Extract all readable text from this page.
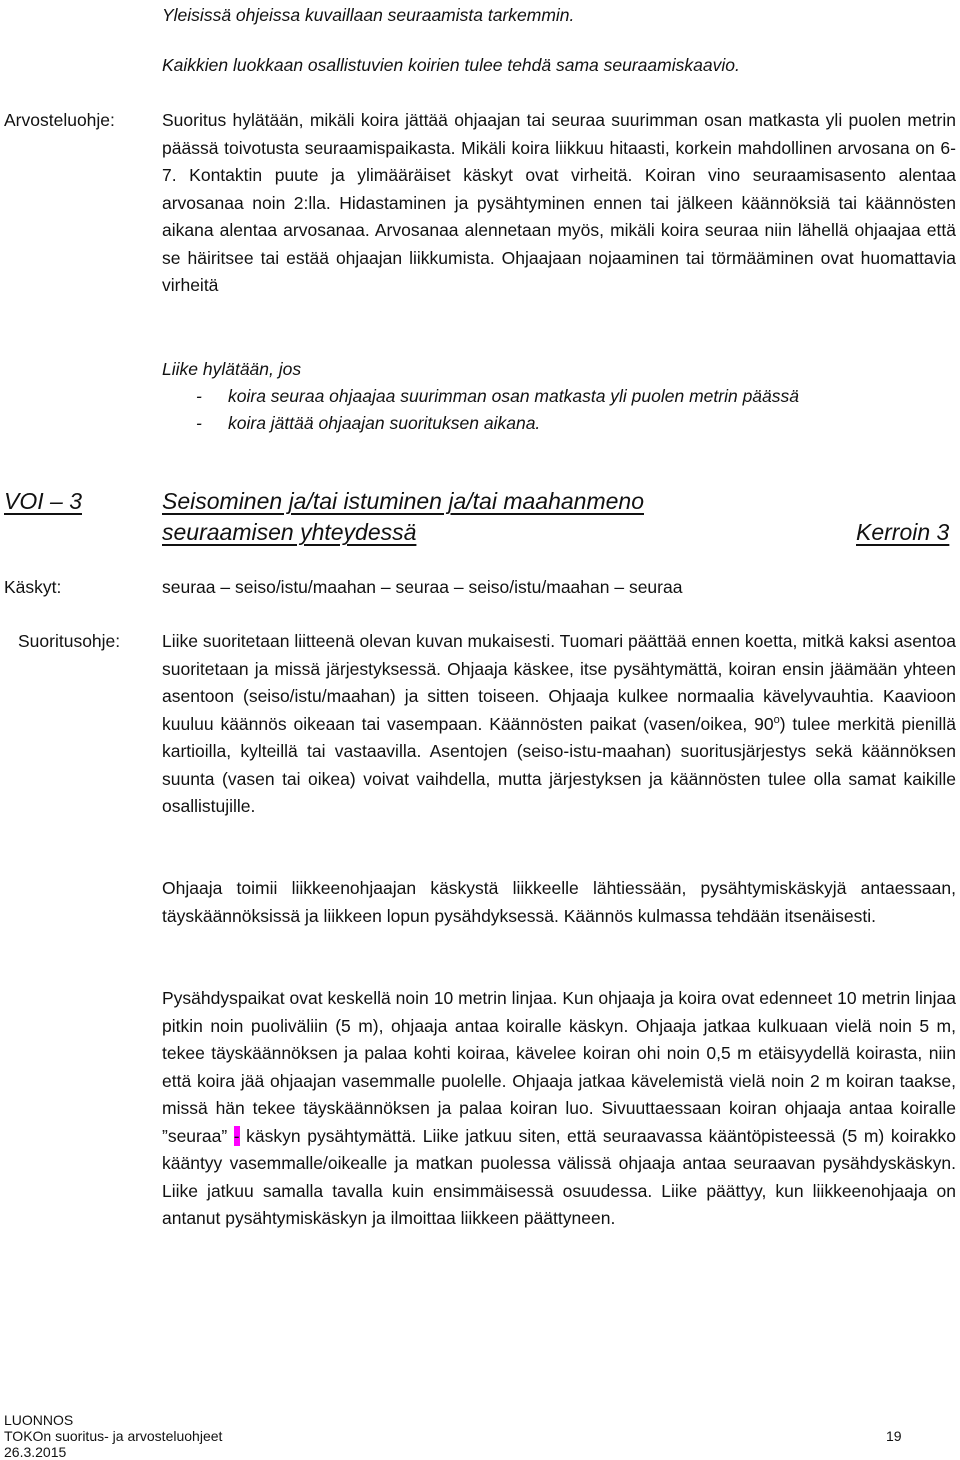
Yleisissä ohjeissa kuvaillaan seuraamista tarkemmin.
Kaikkien luokkaan osallistuvien koirien tulee tehdä sama seuraamiskaavio.
Arvosteluohje:	Suoritus hylätään, mikäli koira jättää ohjaajan tai seuraa suurimman osan matkasta yli puolen metrin päässä toivotusta seuraamispaikasta. Mikäli koira liikkuu hitaasti, korkein mahdollinen arvosana on 6-7. Kontaktin puute ja ylimääräiset käskyt ovat virheitä. Koiran vino seuraamisasento alentaa arvosanaa noin 2:lla. Hidastaminen ja pysähtyminen ennen tai jälkeen käännöksiä tai käännösten aikana alentaa arvosanaa. Arvosanaa alennetaan myös, mikäli koira seuraa niin lähellä ohjaajaa että se häiritsee tai estää ohjaajan liikkumista. Ohjaajaan nojaaminen tai törmääminen ovat huomattavia virheitä
Liike hylätään, jos
-	koira seuraa ohjaajaa suurimman osan matkasta yli puolen metrin päässä
-	koira jättää ohjaajan suorituksen aikana.
VOI – 3	Seisominen ja/tai istuminen ja/tai maahanmeno
seuraamisen yhteydessä	Kerroin 3
Käskyt:	seuraa – seiso/istu/maahan – seuraa – seiso/istu/maahan – seuraa
Suoritusohje: Liike suoritetaan liitteenä olevan kuvan mukaisesti. Tuomari päättää ennen koetta, mitkä kaksi asentoa suoritetaan ja missä järjestyksessä. Ohjaaja käskee, itse pysähtymättä, koiran ensin jäämään yhteen asentoon (seiso/istu/maahan) ja sitten toiseen. Ohjaaja kulkee normaalia kävelyvauhtia. Kaavioon kuuluu käännös oikeaan tai vasempaan. Käännösten paikat (vasen/oikea, 90$^o$) tulee merkitä pienillä kartioilla, kylteillä tai vastaavilla. Asentojen (seiso-istu-maahan) suoritusjärjestys sekä käännöksen suunta (vasen tai oikea) voivat vaihdella, mutta järjestyksen ja käännösten tulee olla samat kaikille osallistujille.
Ohjaaja toimii liikkeenohjaajan käskystä liikkeelle lähtiessään, pysähtymiskäskyjä antaessaan, täyskäännöksissä ja liikkeen lopun pysähdyksessä. Käännös kulmassa tehdään itsenäisesti.
Pysähdyspaikat ovat keskellä noin 10 metrin linjaa. Kun ohjaaja ja koira ovat edenneet 10 metrin linjaa pitkin noin puoliväliin (5 m), ohjaaja antaa koiralle käskyn. Ohjaaja jatkaa kulkuaan vielä noin 5 m, tekee täyskäännöksen ja palaa kohti koiraa, kävelee koiran ohi noin 0,5 m etäisyydellä koirasta, niin että koira jää ohjaajan vasemmalle puolelle. Ohjaaja jatkaa kävelemistä vielä noin 2 m koiran taakse, missä hän tekee täyskäännöksen ja palaa koiran luo. Sivuuttaessaan koiran ohjaaja antaa koiralle ”seuraa” - käskyn pysähtymättä. Liike jatkuu siten, että seuraavassa kääntöpisteessä (5 m) koirakko kääntyy vasemmalle/oikealle ja matkan puolessa välissä ohjaaja antaa seuraavan pysähdyskäskyn. Liike jatkuu samalla tavalla kuin ensimmäisessä osuudessa. Liike päättyy, kun liikkeenohjaaja on antanut pysähtymiskäskyn ja ilmoittaa liikkeen päättyneen.
LUONNOS
TOKOn suoritus- ja arvosteluohjeet
26.3.2015
19
